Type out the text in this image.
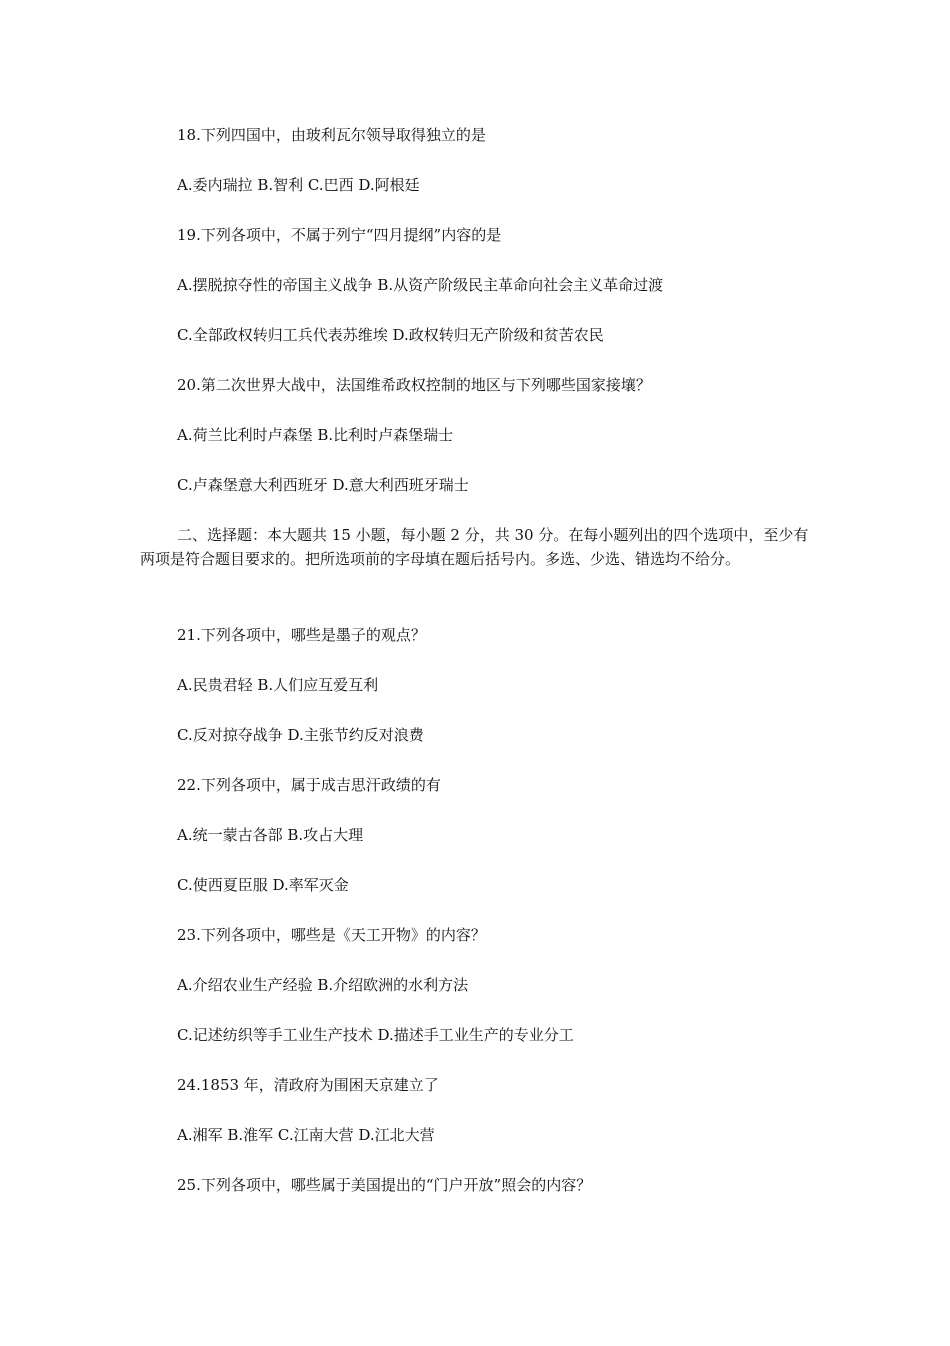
18.下列四国中，由玻利瓦尔领导取得独立的是
A.委内瑞拉 B.智利 C.巴西 D.阿根廷
19.下列各项中，不属于列宁“四月提纲”内容的是
A.摆脱掠夺性的帝国主义战争 B.从资产阶级民主革命向社会主义革命过渡
C.全部政权转归工兵代表苏维埃 D.政权转归无产阶级和贫苦农民
20.第二次世界大战中，法国维希政权控制的地区与下列哪些国家接壤？
A.荷兰比利时卢森堡 B.比利时卢森堡瑞士
C.卢森堡意大利西班牙 D.意大利西班牙瑞士
二、选择题：本大题共 15 小题，每小题 2 分，共 30 分。在每小题列出的四个选项中，至少有两项是符合题目要求的。把所选项前的字母填在题后括号内。多选、少选、错选均不给分。
21.下列各项中，哪些是墨子的观点？
A.民贵君轻 B.人们应互爱互利
C.反对掠夺战争 D.主张节约反对浪费
22.下列各项中，属于成吉思汗政绩的有
A.统一蒙古各部 B.攻占大理
C.使西夏臣服 D.率军灭金
23.下列各项中，哪些是《天工开物》的内容？
A.介绍农业生产经验 B.介绍欧洲的水利方法
C.记述纺织等手工业生产技术 D.描述手工业生产的专业分工
24.1853 年，清政府为围困天京建立了
A.湘军 B.淮军 C.江南大营 D.江北大营
25.下列各项中，哪些属于美国提出的“门户开放”照会的内容？
